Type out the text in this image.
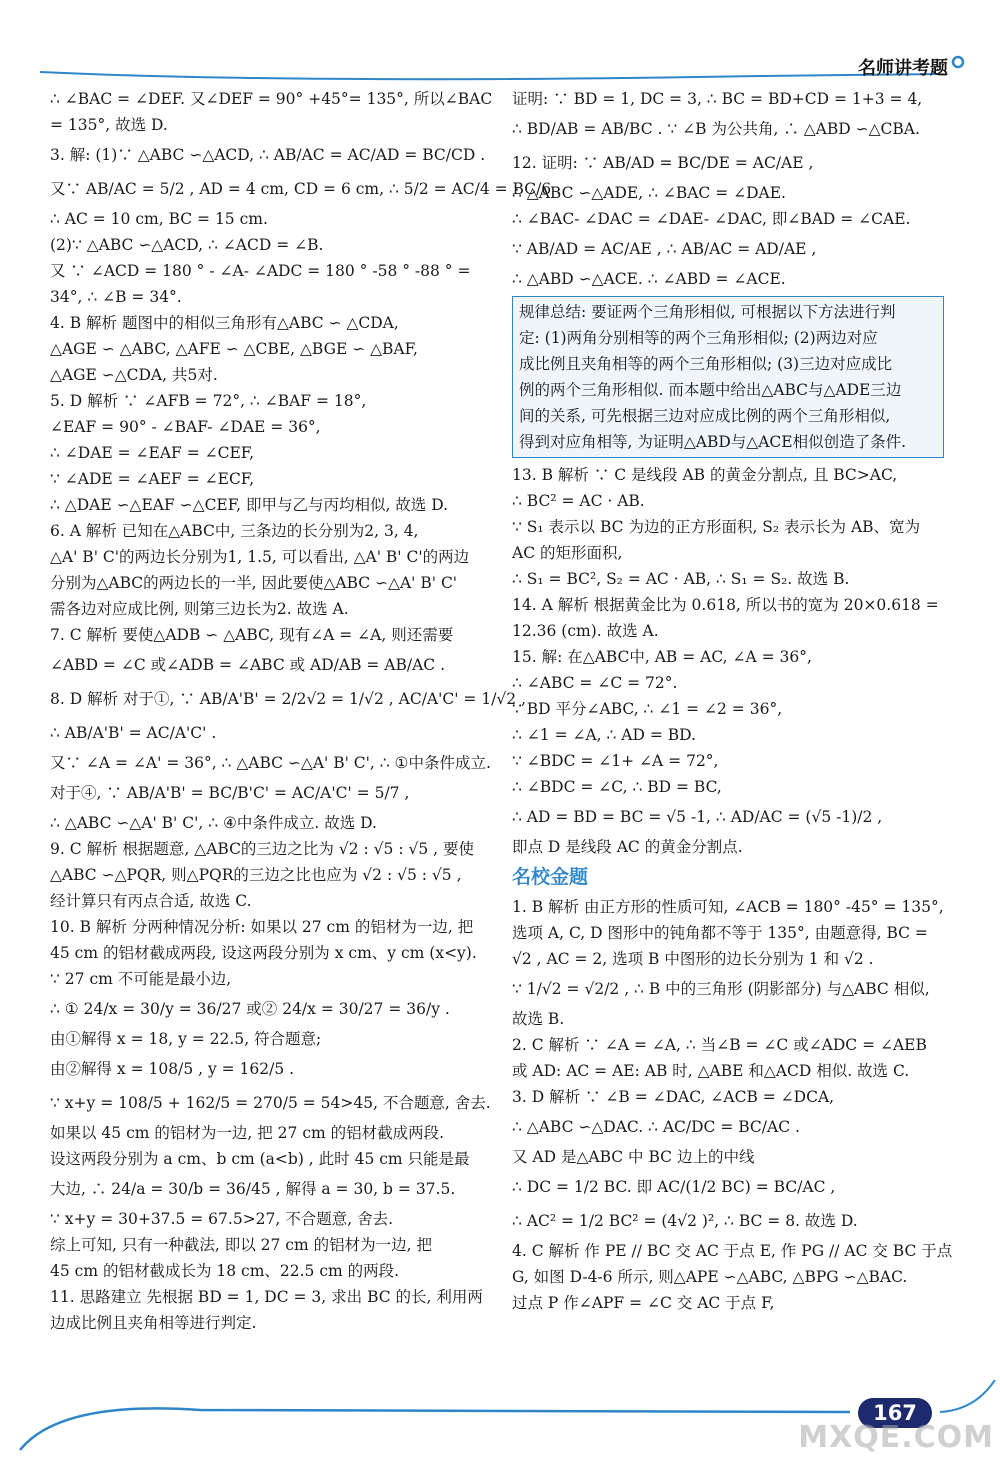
名师讲考题
∴ ∠BAC = ∠DEF. 又∠DEF = 90° +45°= 135°, 所以∠BAC
= 135°, 故选 D.
3. 解: (1)∵ △ABC ∽△ACD, ∴ AB/AC = AC/AD = BC/CD .
又∵ AB/AC = 5/2 , AD = 4 cm, CD = 6 cm, ∴ 5/2 = AC/4 = BC/6 .
∴ AC = 10 cm, BC = 15 cm.
(2)∵ △ABC ∽△ACD, ∴ ∠ACD = ∠B.
又 ∵ ∠ACD = 180 ° - ∠A- ∠ADC = 180 ° -58 ° -88 ° =
34°, ∴ ∠B = 34°.
4. B 解析 题图中的相似三角形有△ABC ∽ △CDA,
△AGE ∽ △ABC, △AFE ∽ △CBE, △BGE ∽ △BAF,
△AGE ∽△CDA, 共5对.
5. D 解析 ∵ ∠AFB = 72°, ∴ ∠BAF = 18°,
∠EAF = 90° - ∠BAF- ∠DAE = 36°,
∴ ∠DAE = ∠EAF = ∠CEF,
∵ ∠ADE = ∠AEF = ∠ECF,
∴ △DAE ∽△EAF ∽△CEF, 即甲与乙与丙均相似, 故选 D.
6. A 解析 已知在△ABC中, 三条边的长分别为2, 3, 4,
△A' B' C'的两边长分别为1, 1.5, 可以看出, △A' B' C'的两边
分别为△ABC的两边长的一半, 因此要使△ABC ∽△A' B' C'
需各边对应成比例, 则第三边长为2. 故选 A.
7. C 解析 要使△ADB ∽ △ABC, 现有∠A = ∠A, 则还需要
∠ABD = ∠C 或∠ADB = ∠ABC 或 AD/AB = AB/AC .
8. D 解析 对于①, ∵ AB/A'B' = 2/2√2 = 1/√2 , AC/A'C' = 1/√2 ,
∴ AB/A'B' = AC/A'C' .
又∵ ∠A = ∠A' = 36°, ∴ △ABC ∽△A' B' C', ∴ ①中条件成立.
对于④, ∵ AB/A'B' = BC/B'C' = AC/A'C' = 5/7 ,
∴ △ABC ∽△A' B' C', ∴ ④中条件成立. 故选 D.
9. C 解析 根据题意, △ABC的三边之比为 √2 : √5 : √5 , 要使
△ABC ∽△PQR, 则△PQR的三边之比也应为 √2 : √5 : √5 ,
经计算只有丙点合适, 故选 C.
10. B 解析 分两种情况分析: 如果以 27 cm 的铝材为一边, 把
45 cm 的铝材截成两段, 设这两段分别为 x cm、y cm (x<y).
∵ 27 cm 不可能是最小边,
∴ ① 24/x = 30/y = 36/27 或② 24/x = 30/27 = 36/y .
由①解得 x = 18, y = 22.5, 符合题意;
由②解得 x = 108/5 , y = 162/5 .
∵ x+y = 108/5 + 162/5 = 270/5 = 54>45, 不合题意, 舍去.
如果以 45 cm 的铝材为一边, 把 27 cm 的铝材截成两段.
设这两段分别为 a cm、b cm (a<b) , 此时 45 cm 只能是最
大边, ∴ 24/a = 30/b = 36/45 , 解得 a = 30, b = 37.5.
∵ x+y = 30+37.5 = 67.5>27, 不合题意, 舍去.
综上可知, 只有一种截法, 即以 27 cm 的铝材为一边, 把
45 cm 的铝材截成长为 18 cm、22.5 cm 的两段.
11. 思路建立 先根据 BD = 1, DC = 3, 求出 BC 的长, 利用两
边成比例且夹角相等进行判定.
证明: ∵ BD = 1, DC = 3, ∴ BC = BD+CD = 1+3 = 4,
∴ BD/AB = AB/BC . ∵ ∠B 为公共角, ∴ △ABD ∽△CBA.
12. 证明: ∵ AB/AD = BC/DE = AC/AE ,
∴ △ABC ∽△ADE, ∴ ∠BAC = ∠DAE.
∴ ∠BAC- ∠DAC = ∠DAE- ∠DAC, 即∠BAD = ∠CAE.
∵ AB/AD = AC/AE , ∴ AB/AC = AD/AE ,
∴ △ABD ∽△ACE. ∴ ∠ABD = ∠ACE.
规律总结: 要证两个三角形相似, 可根据以下方法进行判
定: (1)两角分别相等的两个三角形相似; (2)两边对应
成比例且夹角相等的两个三角形相似; (3)三边对应成比
例的两个三角形相似. 而本题中给出△ABC与△ADE三边
间的关系, 可先根据三边对应成比例的两个三角形相似,
得到对应角相等, 为证明△ABD与△ACE相似创造了条件.
13. B 解析 ∵ C 是线段 AB 的黄金分割点, 且 BC>AC,
∴ BC² = AC · AB.
∵ S₁ 表示以 BC 为边的正方形面积, S₂ 表示长为 AB、宽为
AC 的矩形面积,
∴ S₁ = BC², S₂ = AC · AB, ∴ S₁ = S₂. 故选 B.
14. A 解析 根据黄金比为 0.618, 所以书的宽为 20×0.618 =
12.36 (cm). 故选 A.
15. 解: 在△ABC中, AB = AC, ∠A = 36°,
∴ ∠ABC = ∠C = 72°.
∵ BD 平分∠ABC, ∴ ∠1 = ∠2 = 36°,
∴ ∠1 = ∠A, ∴ AD = BD.
∵ ∠BDC = ∠1+ ∠A = 72°,
∴ ∠BDC = ∠C, ∴ BD = BC,
∴ AD = BD = BC = √5 -1, ∴ AD/AC = (√5 -1)/2 ,
即点 D 是线段 AC 的黄金分割点.
名校金题
1. B 解析 由正方形的性质可知, ∠ACB = 180° -45° = 135°,
选项 A, C, D 图形中的钝角都不等于 135°, 由题意得, BC =
√2 , AC = 2, 选项 B 中图形的边长分别为 1 和 √2 .
∵ 1/√2 = √2/2 , ∴ B 中的三角形 (阴影部分) 与△ABC 相似,
故选 B.
2. C 解析 ∵ ∠A = ∠A, ∴ 当∠B = ∠C 或∠ADC = ∠AEB
或 AD: AC = AE: AB 时, △ABE 和△ACD 相似. 故选 C.
3. D 解析 ∵ ∠B = ∠DAC, ∠ACB = ∠DCA,
∴ △ABC ∽△DAC. ∴ AC/DC = BC/AC .
又 AD 是△ABC 中 BC 边上的中线
∴ DC = 1/2 BC. 即 AC/(1/2 BC) = BC/AC ,
∴ AC² = 1/2 BC² = (4√2 )², ∴ BC = 8. 故选 D.
4. C 解析 作 PE // BC 交 AC 于点 E, 作 PG // AC 交 BC 于点
G, 如图 D-4-6 所示, 则△APE ∽△ABC, △BPG ∽△BAC.
过点 P 作∠APF = ∠C 交 AC 于点 F,
167
MXQE.COM
